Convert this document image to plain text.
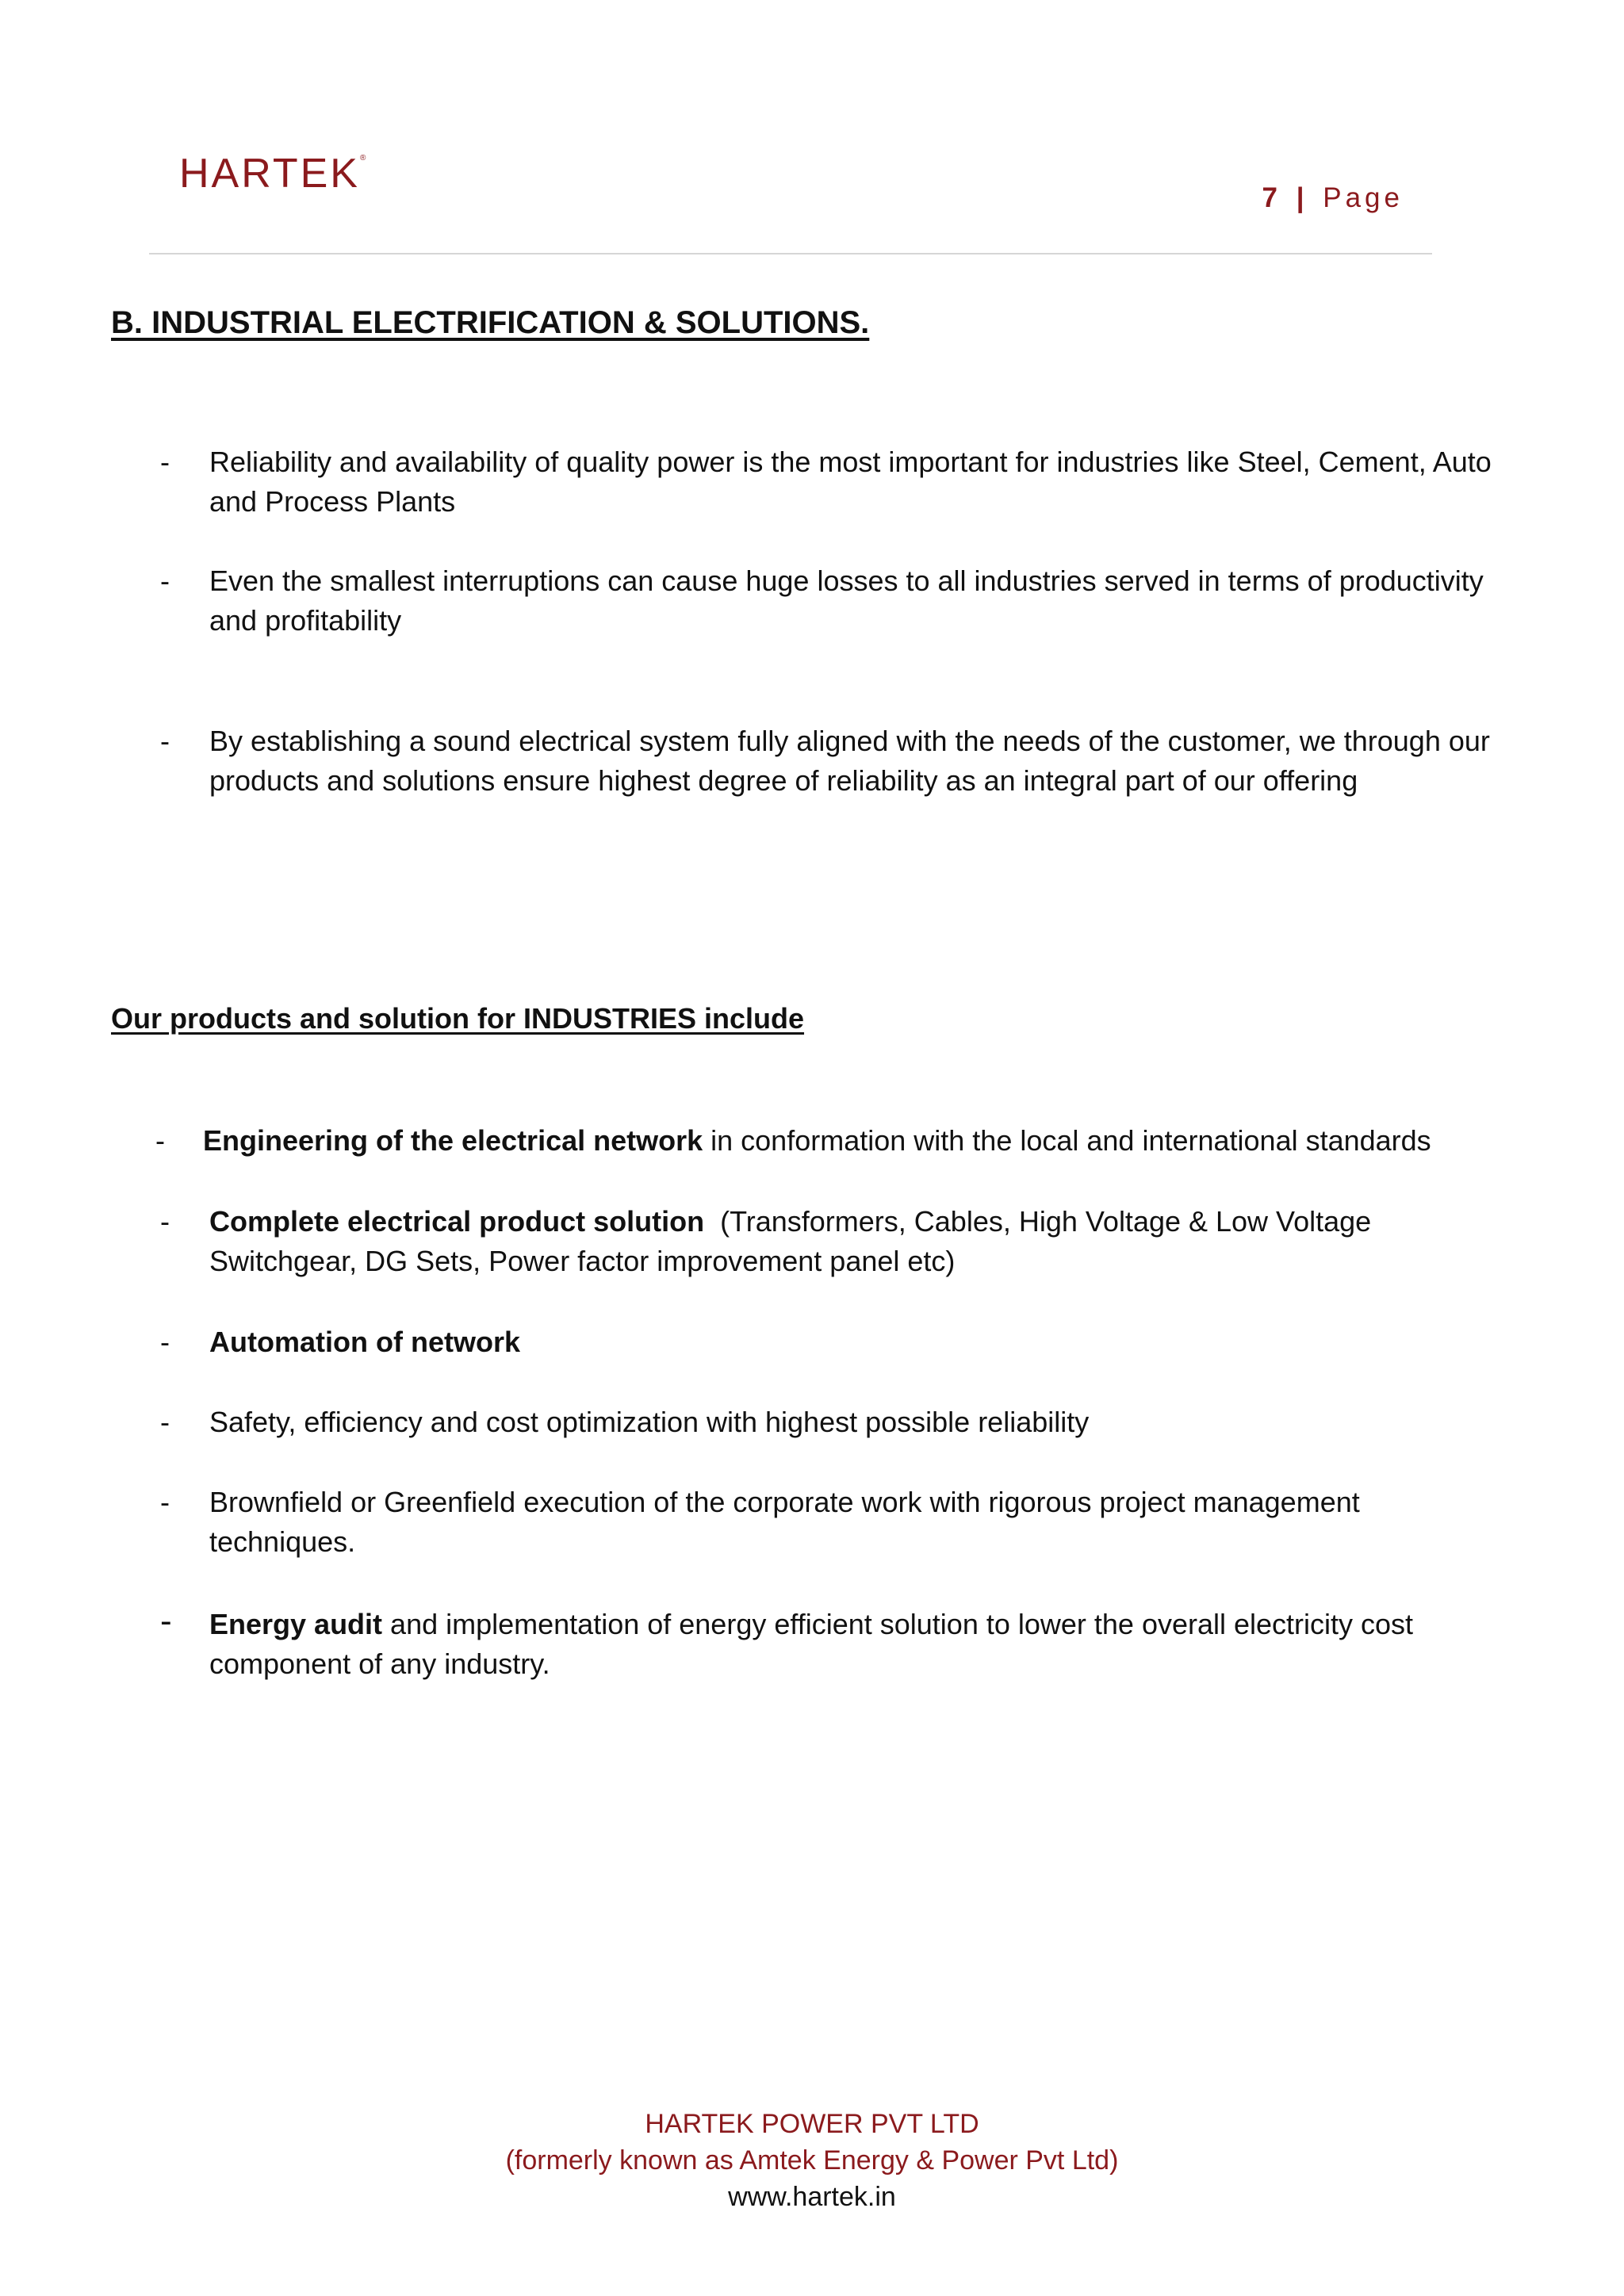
HARTEK®
7 | Page
B. INDUSTRIAL ELECTRIFICATION & SOLUTIONS.
- Reliability and availability of quality power is the most important for industries like Steel, Cement, Auto and Process Plants
- Even the smallest interruptions can cause huge losses to all industries served in terms of productivity and profitability
- By establishing a sound electrical system fully aligned with the needs of the customer, we through our products and solutions ensure highest degree of reliability as an integral part of our offering
Our products and solution for INDUSTRIES include
- Engineering of the electrical network in conformation with the local and international standards
- Complete electrical product solution  (Transformers, Cables, High Voltage & Low Voltage Switchgear, DG Sets, Power factor improvement panel etc)
- Automation of network
- Safety, efficiency and cost optimization with highest possible reliability
- Brownfield or Greenfield execution of the corporate work with rigorous project management techniques.
- Energy audit and implementation of energy efficient solution to lower the overall electricity cost component of any industry.
HARTEK POWER PVT LTD
(formerly known as Amtek Energy & Power Pvt Ltd)
www.hartek.in
